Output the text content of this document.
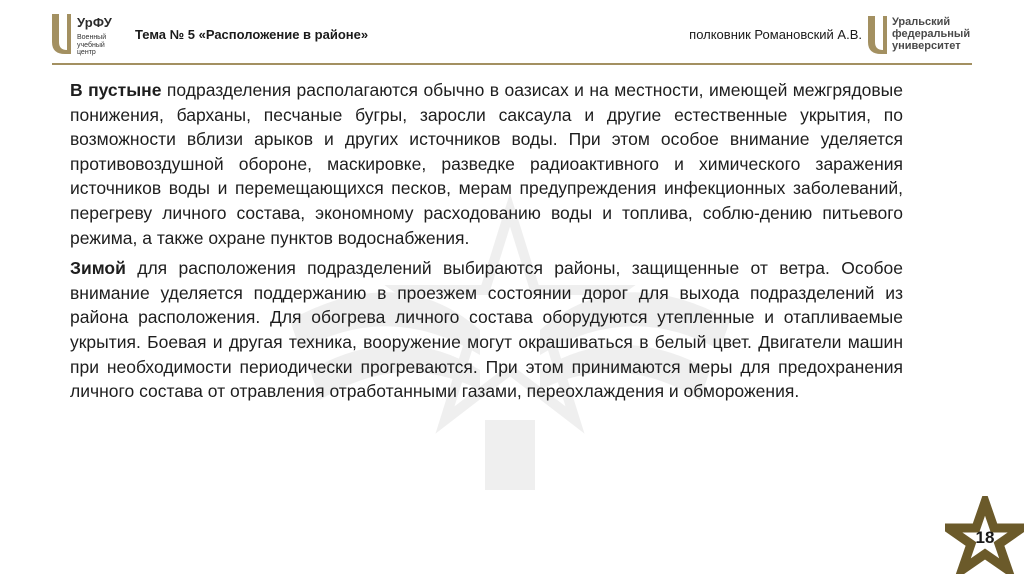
УрФУ
Военный учебный центр
Тема № 5 «Расположение в районе»	полковник Романовский А.В.
Уральский федеральный университет

В пустыне подразделения располагаются обычно в оазисах и на местности, имеющей межгрядовые понижения, барханы, песчаные бугры, заросли саксаула и другие естественные укрытия, по возможности вблизи арыков и других источников воды. При этом особое внимание уделяется противовоздушной обороне, маскировке, разведке радиоактивного и химического заражения источников воды и перемещающихся песков, мерам предупреждения инфекционных заболеваний, перегреву личного состава, экономному расходованию воды и топлива, соблю-дению питьевого режима, а также охране пунктов водоснабжения.

Зимой для расположения подразделений выбираются районы, защищенные от ветра. Особое внимание уделяется поддержанию в проезжем состоянии дорог для выхода подразделений из района расположения. Для обогрева личного состава оборудуются утепленные и отапливаемые укрытия. Боевая и другая техника, вооружение могут окрашиваться в белый цвет. Двигатели машин при необходимости периодически прогреваются. При этом принимаются меры для предохранения личного состава от отравления отработанными газами, переохлаждения и обморожения.

18
